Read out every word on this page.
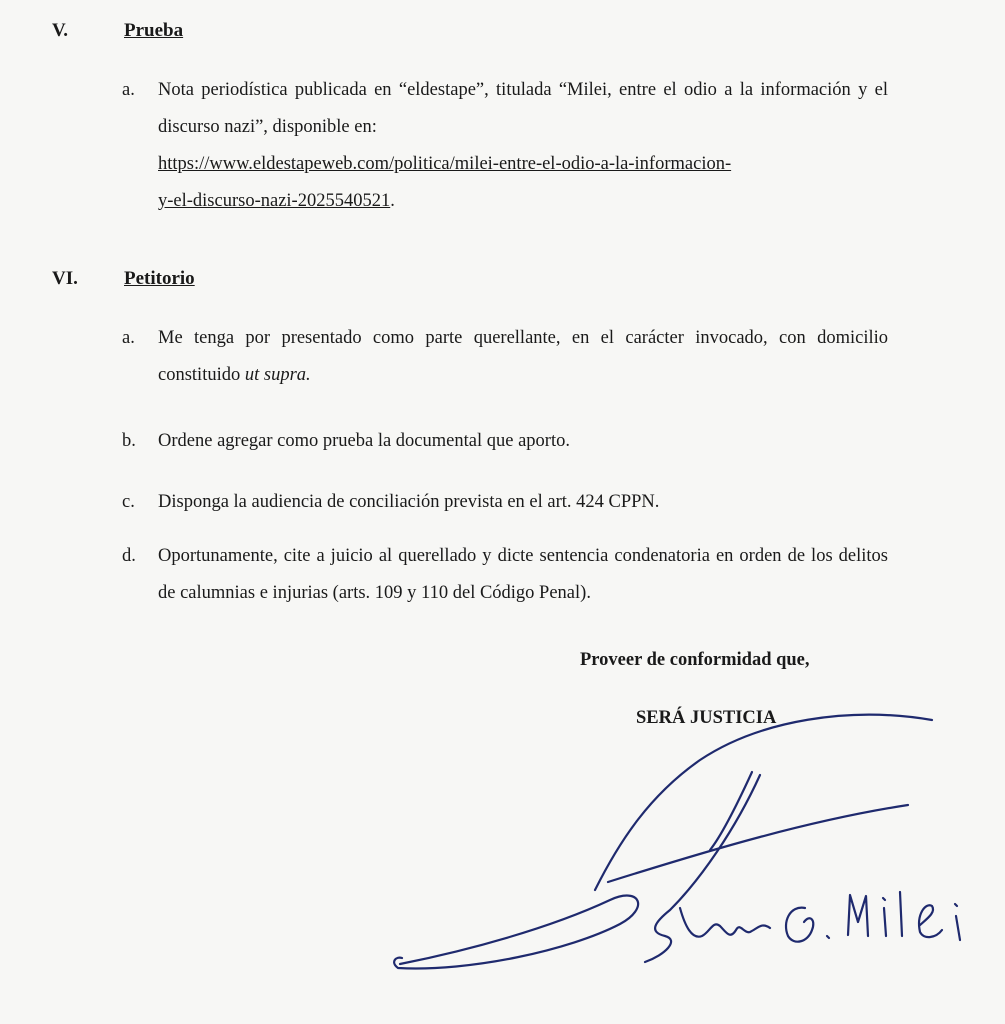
V.	Prueba
a. Nota periodística publicada en “eldestape”, titulada “Milei, entre el odio a la información y el discurso nazi”, disponible en:
https://www.eldestapeweb.com/politica/milei-entre-el-odio-a-la-informacion-
y-el-discurso-nazi-2025540521.
VI. Petitorio
a. Me tenga por presentado como parte querellante, en el carácter invocado, con domicilio constituido ut supra.
b. Ordene agregar como prueba la documental que aporto.
c. Disponga la audiencia de conciliación prevista en el art. 424 CPPN.
d. Oportunamente, cite a juicio al querellado y dicte sentencia condenatoria en orden de los delitos de calumnias e injurias (arts. 109 y 110 del Código Penal).
Proveer de conformidad que,
SERÁ JUSTICIA
